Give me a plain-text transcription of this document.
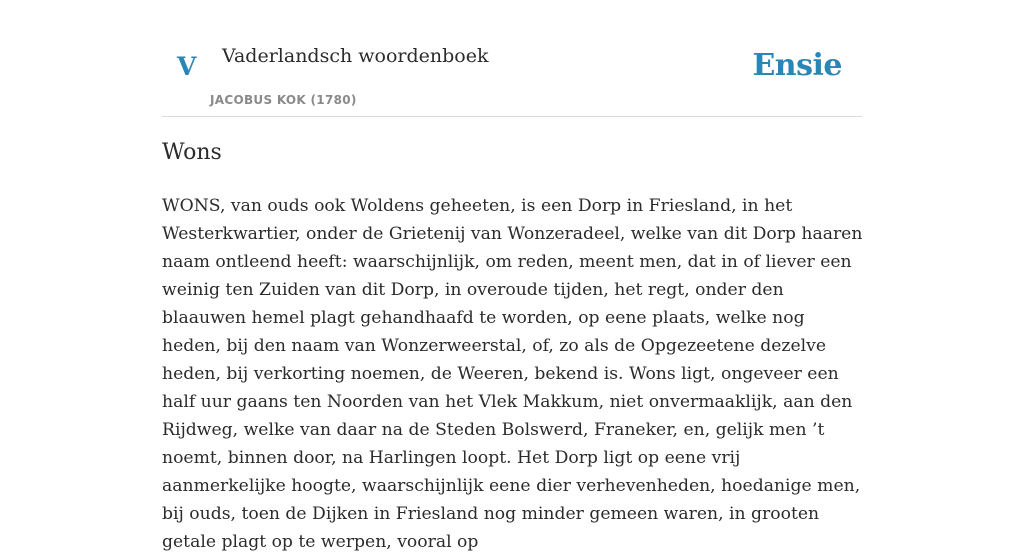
V Vaderlandsch woordenboek
JACOBUS KOK (1780)
Ensie
Wons

WONS, van ouds ook Woldens geheeten, is een Dorp in Friesland, in het Westerkwartier, onder de Grietenij van Wonzeradeel, welke van dit Dorp haaren naam ontleend heeft: waarschijnlijk, om reden, meent men, dat in of liever een weinig ten Zuiden van dit Dorp, in overoude tijden, het regt, onder den blaauwen hemel plagt gehandhaafd te worden, op eene plaats, welke nog heden, bij den naam van Wonzerweerstal, of, zo als de Opgezeetene dezelve heden, bij verkorting noemen, de Weeren, bekend is. Wons ligt, ongeveer een half uur gaans ten Noorden van het Vlek Makkum, niet onvermaaklijk, aan den Rijdweg, welke van daar na de Steden Bolswerd, Franeker, en, gelijk men ’t noemt, binnen door, na Harlingen loopt. Het Dorp ligt op eene vrij aanmerkelijke hoogte, waarschijnlijk eene dier verhevenheden, hoedanige men, bij ouds, toen de Dijken in Friesland nog minder gemeen waren, in grooten getale plagt op te werpen, vooral op
